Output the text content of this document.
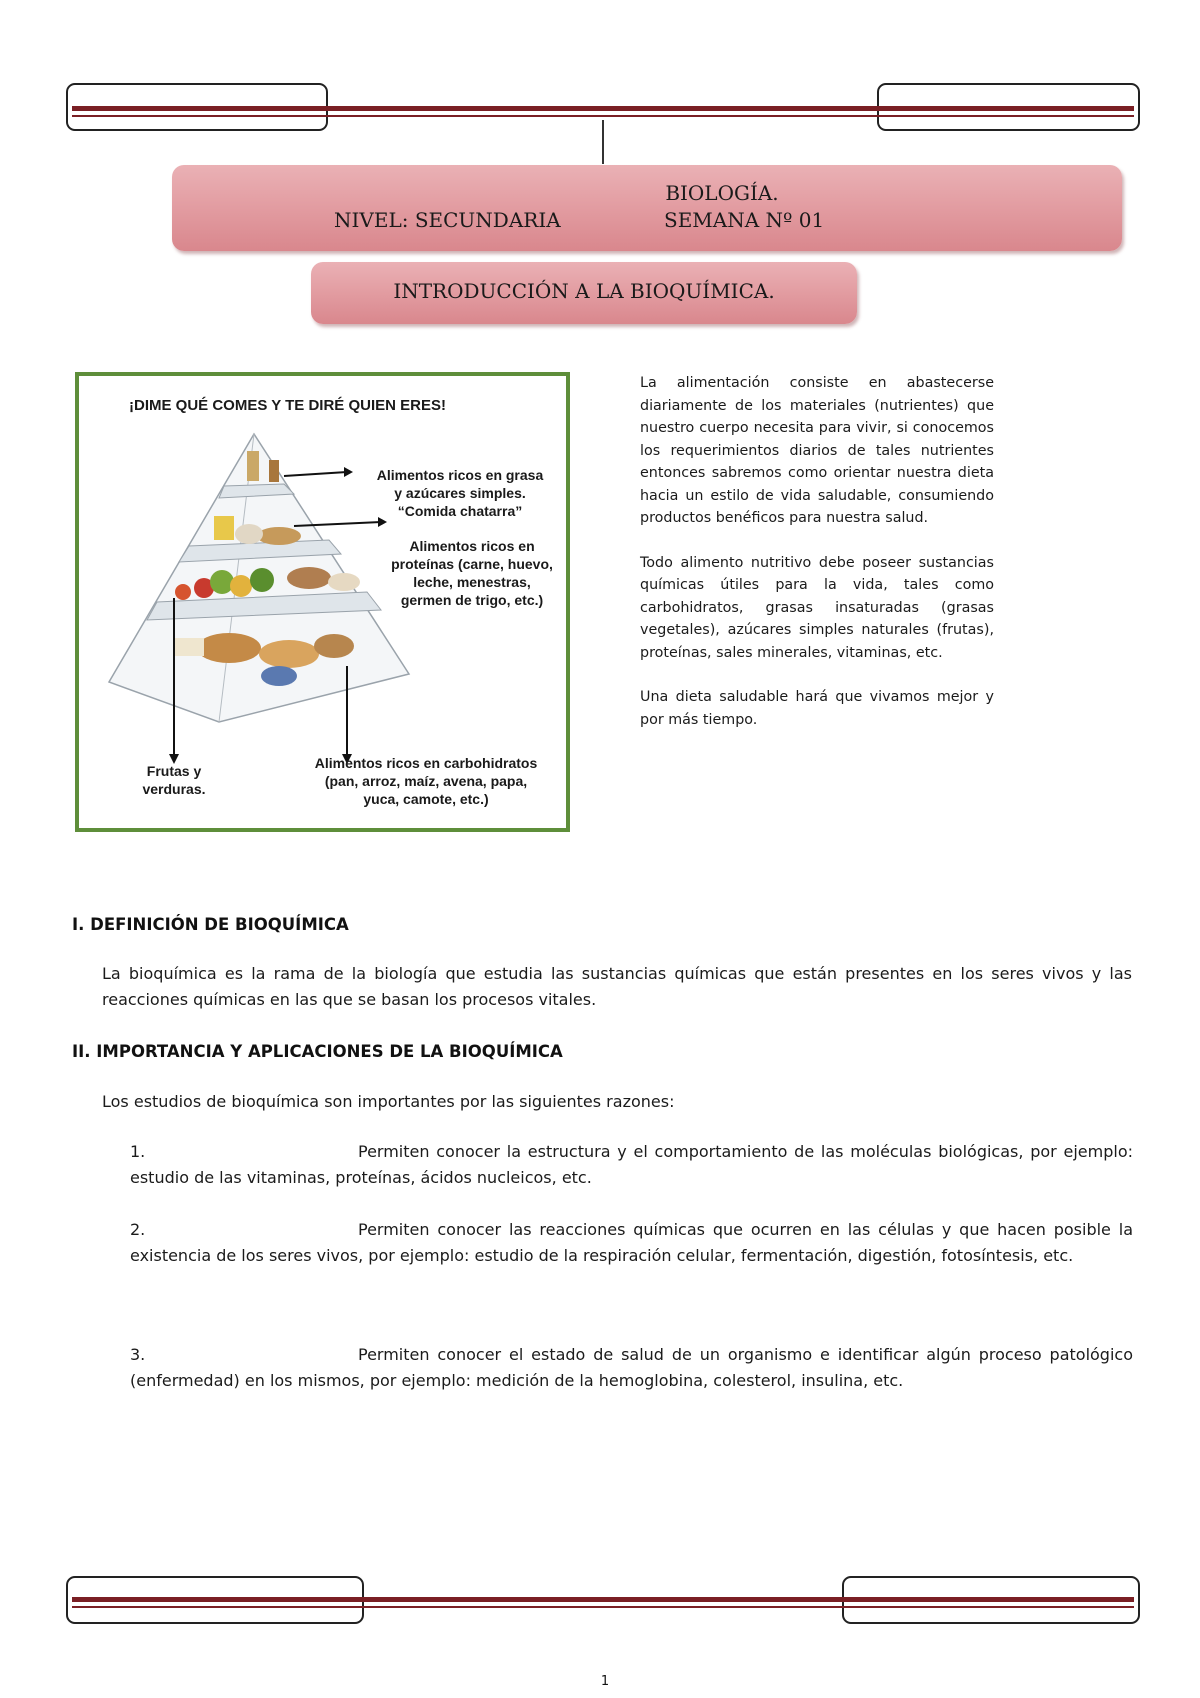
BIOLOGÍA.
NIVEL: SECUNDARIA	SEMANA Nº 01
INTRODUCCIÓN A LA BIOQUÍMICA.
¡DIME QUÉ COMES Y TE DIRÉ QUIEN ERES!
Alimentos ricos en grasa
y azúcares simples.
“Comida chatarra”
Alimentos ricos en
proteínas (carne, huevo,
leche, menestras,
germen de trigo, etc.)
Frutas y
verduras.
Alimentos ricos en carbohidratos
(pan, arroz, maíz, avena, papa,
yuca, camote, etc.)

La alimentación consiste en abastecerse diariamente de los materiales (nutrientes) que nuestro cuerpo necesita para vivir, si conocemos los requerimientos diarios de tales nutrientes entonces sabremos como orientar nuestra dieta hacia un estilo de vida saludable, consumiendo productos benéficos para nuestra salud.

Todo alimento nutritivo debe poseer sustancias químicas útiles para la vida, tales como carbohidratos, grasas insaturadas (grasas vegetales), azúcares simples naturales (frutas), proteínas, sales minerales, vitaminas, etc.

Una dieta saludable hará que vivamos mejor y por más tiempo.

I. DEFINICIÓN DE BIOQUÍMICA
La bioquímica es la rama de la biología que estudia las sustancias químicas que están presentes en los seres vivos y las reacciones químicas en las que se basan los procesos vitales.
II. IMPORTANCIA Y APLICACIONES DE LA BIOQUÍMICA
Los estudios de bioquímica son importantes por las siguientes razones:
1.	Permiten conocer la estructura y el comportamiento de las moléculas biológicas, por ejemplo: estudio de las vitaminas, proteínas, ácidos nucleicos, etc.
2.	Permiten conocer las reacciones químicas que ocurren en las células y que hacen posible la existencia de los seres vivos, por ejemplo: estudio de la respiración celular, fermentación, digestión, fotosíntesis, etc.
3.	Permiten conocer el estado de salud de un organismo e identificar algún proceso patológico (enfermedad) en los mismos, por ejemplo: medición de la hemoglobina, colesterol, insulina, etc.
1
